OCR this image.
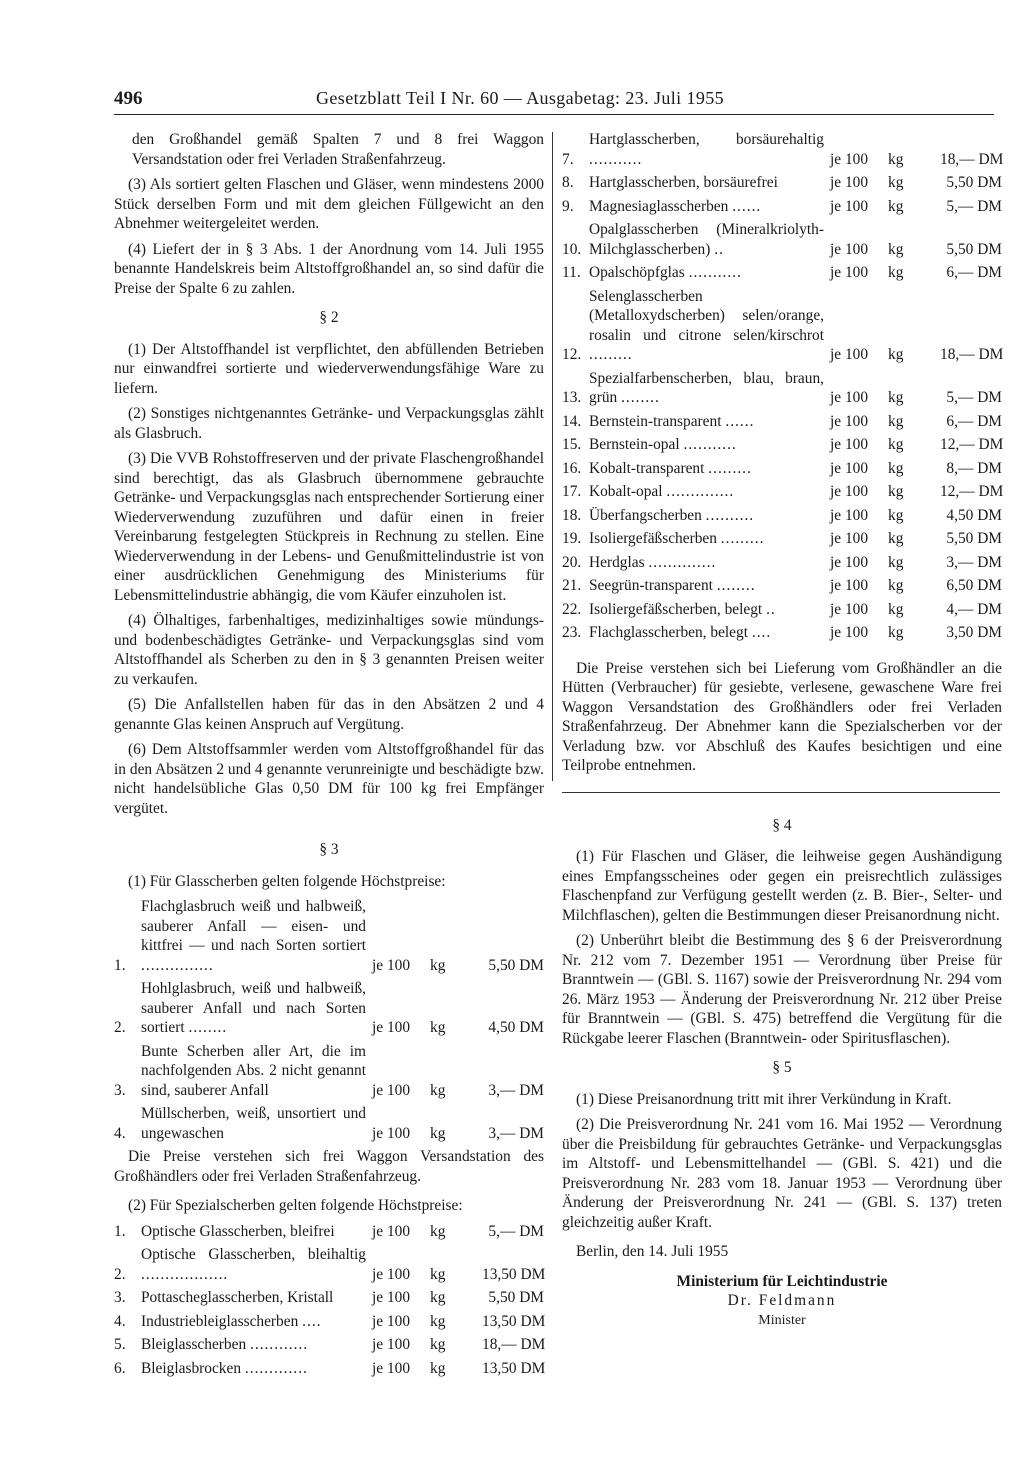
496	Gesetzblatt Teil I Nr. 60 — Ausgabetag: 23. Juli 1955

den Großhandel gemäß Spalten 7 und 8 frei Waggon Versandstation oder frei Verladen Straßenfahrzeug.

(3) Als sortiert gelten Flaschen und Gläser, wenn mindestens 2000 Stück derselben Form und mit dem gleichen Füllgewicht an den Abnehmer weitergeleitet werden.

(4) Liefert der in § 3 Abs. 1 der Anordnung vom 14. Juli 1955 benannte Handelskreis beim Altstoffgroßhandel an, so sind dafür die Preise der Spalte 6 zu zahlen.

§ 2

(1) Der Altstoffhandel ist verpflichtet, den abfüllenden Betrieben nur einwandfrei sortierte und wiederverwendungsfähige Ware zu liefern.

(2) Sonstiges nichtgenanntes Getränke- und Verpackungsglas zählt als Glasbruch.

(3) Die VVB Rohstoffreserven und der private Flaschengroßhandel sind berechtigt, das als Glasbruch übernommene gebrauchte Getränke- und Verpackungsglas nach entsprechender Sortierung einer Wiederverwendung zuzuführen und dafür einen in freier Vereinbarung festgelegten Stückpreis in Rechnung zu stellen. Eine Wiederverwendung in der Lebens- und Genußmittelindustrie ist von einer ausdrücklichen Genehmigung des Ministeriums für Lebensmittelindustrie abhängig, die vom Käufer einzuholen ist.

(4) Ölhaltiges, farbenhaltiges, medizinhaltiges sowie mündungs- und bodenbeschädigtes Getränke- und Verpackungsglas sind vom Altstoffhandel als Scherben zu den in § 3 genannten Preisen weiter zu verkaufen.

(5) Die Anfallstellen haben für das in den Absätzen 2 und 4 genannte Glas keinen Anspruch auf Vergütung.

(6) Dem Altstoffsammler werden vom Altstoffgroßhandel für das in den Absätzen 2 und 4 genannte verunreinigte und beschädigte bzw. nicht handelsübliche Glas 0,50 DM für 100 kg frei Empfänger vergütet.

§ 3

(1) Für Glasscherben gelten folgende Höchstpreise:

1.
Flachglasbruch weiß und halbweiß, sauberer Anfall — eisen- und kittfrei — und nach Sorten sortiert ...............	je 100	kg	5,50 DM
2.
Hohlglasbruch, weiß und halbweiß, sauberer Anfall und nach Sorten sortiert ........	je 100	kg	4,50 DM
3.
Bunte Scherben aller Art, die im nachfolgenden Abs. 2 nicht genannt sind, sauberer Anfall	je 100	kg	3,— DM
4.
Müllscherben, weiß, unsortiert und ungewaschen	je 100	kg	3,— DM

Die Preise verstehen sich frei Waggon Versandstation des Großhändlers oder frei Verladen Straßenfahrzeug.

(2) Für Spezialscherben gelten folgende Höchstpreise:

1.	Optische Glasscherben, bleifrei	je 100	kg	5,— DM
2.
Optische Glasscherben, bleihaltig ..................	je 100	kg	13,50 DM
3.	Pottascheglasscherben, Kristall	je 100	kg	5,50 DM
4.	Industriebleiglasscherben ....	je 100	kg	13,50 DM
5.	Bleiglasscherben ............	je 100	kg	18,— DM
6.	Bleiglasbrocken .............	je 100	kg	13,50 DM
7.
Hartglasscherben, borsäurehaltig ...........	je 100	kg	18,— DM
8.	Hartglasscherben, borsäurefrei	je 100	kg	5,50 DM
9.	Magnesiaglasscherben ......	je 100	kg	5,— DM
10.
Opalglasscherben (Mineralkriolyth-Milchglasscherben) ..	je 100	kg	5,50 DM
11. Opalschöpfglas ...........	je 100	kg	6,— DM
12.
Selenglasscherben (Metalloxydscherben) selen/orange, rosalin und citrone selen/kirschrot .........	je 100	kg	18,— DM
13.
Spezialfarbenscherben, blau, braun, grün ........	je 100	kg	5,— DM
14. Bernstein-transparent ......	je 100	kg	6,— DM
15. Bernstein-opal ...........	je 100	kg	12,— DM
16. Kobalt-transparent .........	je 100	kg	8,— DM
17. Kobalt-opal ..............	je 100	kg	12,— DM
18. Überfangscherben ..........	je 100	kg	4,50 DM
19. Isoliergefäßscherben .........	je 100	kg	5,50 DM
20. Herdglas ..............	je 100	kg	3,— DM
21. Seegrün-transparent ........	je 100	kg	6,50 DM
22. Isoliergefäßscherben, belegt ..	je 100	kg	4,— DM
23. Flachglasscherben, belegt ....	je 100	kg	3,50 DM

Die Preise verstehen sich bei Lieferung vom Großhändler an die Hütten (Verbraucher) für gesiebte, verlesene, gewaschene Ware frei Waggon Versandstation des Großhändlers oder frei Verladen Straßenfahrzeug. Der Abnehmer kann die Spezialscherben vor der Verladung bzw. vor Abschluß des Kaufes besichtigen und eine Teilprobe entnehmen.

§ 4

(1) Für Flaschen und Gläser, die leihweise gegen Aushändigung eines Empfangsscheines oder gegen ein preisrechtlich zulässiges Flaschenpfand zur Verfügung gestellt werden (z. B. Bier-, Selter- und Milchflaschen), gelten die Bestimmungen dieser Preisanordnung nicht.

(2) Unberührt bleibt die Bestimmung des § 6 der Preisverordnung Nr. 212 vom 7. Dezember 1951 — Verordnung über Preise für Branntwein — (GBl. S. 1167) sowie der Preisverordnung Nr. 294 vom 26. März 1953 — Änderung der Preisverordnung Nr. 212 über Preise für Branntwein — (GBl. S. 475) betreffend die Vergütung für die Rückgabe leerer Flaschen (Branntwein- oder Spiritusflaschen).

§ 5

(1) Diese Preisanordnung tritt mit ihrer Verkündung in Kraft.

(2) Die Preisverordnung Nr. 241 vom 16. Mai 1952 — Verordnung über die Preisbildung für gebrauchtes Getränke- und Verpackungsglas im Altstoff- und Lebensmittelhandel — (GBl. S. 421) und die Preisverordnung Nr. 283 vom 18. Januar 1953 — Verordnung über Änderung der Preisverordnung Nr. 241 — (GBl. S. 137) treten gleichzeitig außer Kraft.

Berlin, den 14. Juli 1955

Ministerium für Leichtindustrie

Dr. Feldmann

Minister
